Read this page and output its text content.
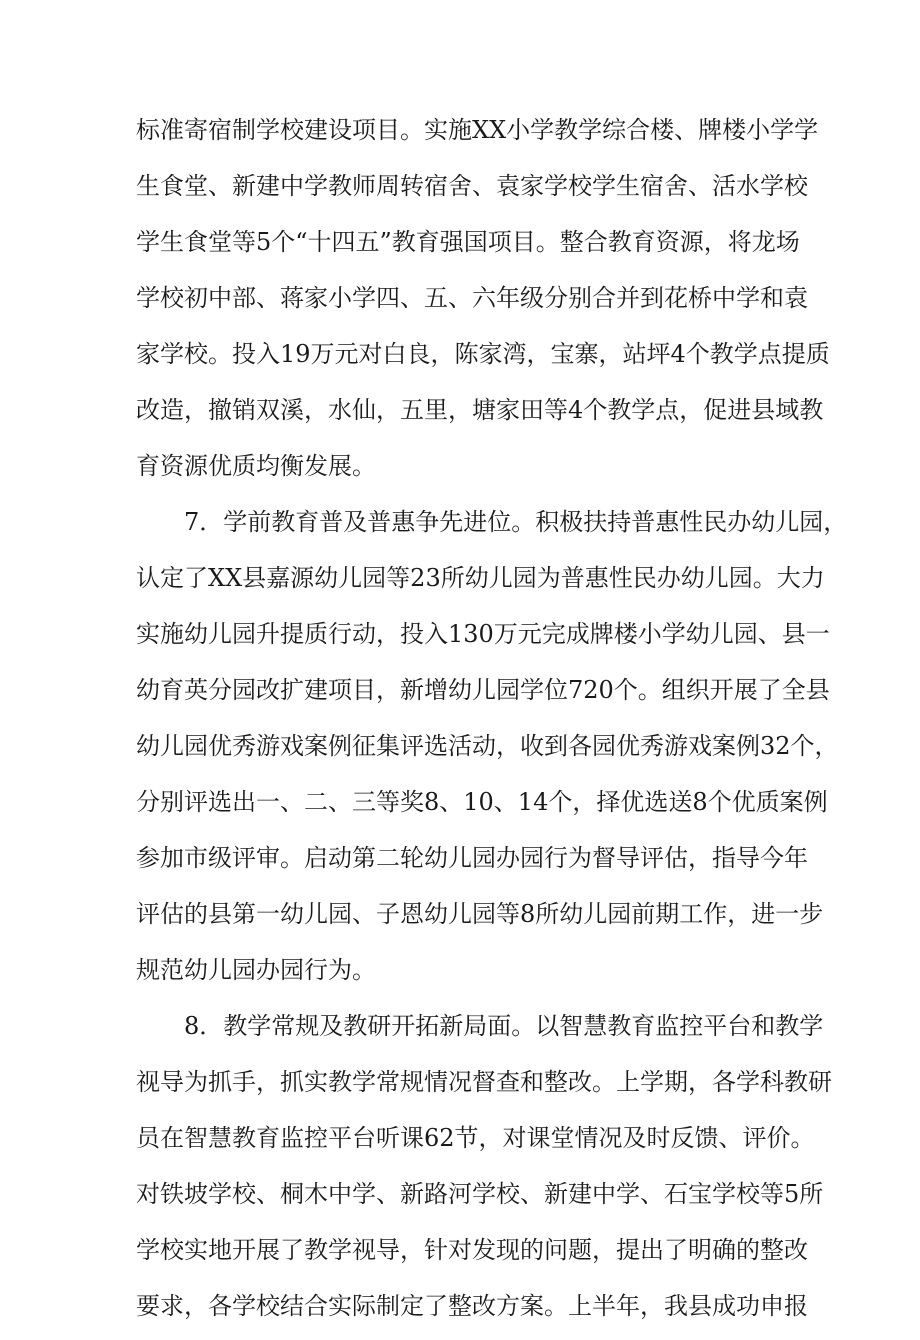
标准寄宿制学校建设项目。实施XX小学教学综合楼、牌楼小学学
生食堂、新建中学教师周转宿舍、袁家学校学生宿舍、活水学校
学生食堂等5个“十四五”教育强国项目。整合教育资源，将龙场
学校初中部、蒋家小学四、五、六年级分别合并到花桥中学和袁
家学校。投入19万元对白良，陈家湾，宝寨，站坪4个教学点提质
改造，撤销双溪，水仙，五里，塘家田等4个教学点，促进县域教
育资源优质均衡发展。
7．学前教育普及普惠争先进位。积极扶持普惠性民办幼儿园，
认定了XX县嘉源幼儿园等23所幼儿园为普惠性民办幼儿园。大力
实施幼儿园升提质行动，投入130万元完成牌楼小学幼儿园、县一
幼育英分园改扩建项目，新增幼儿园学位720个。组织开展了全县
幼儿园优秀游戏案例征集评选活动，收到各园优秀游戏案例32个，
分别评选出一、二、三等奖8、10、14个，择优选送8个优质案例
参加市级评审。启动第二轮幼儿园办园行为督导评估，指导今年
评估的县第一幼儿园、子恩幼儿园等8所幼儿园前期工作，进一步
规范幼儿园办园行为。
8．教学常规及教研开拓新局面。以智慧教育监控平台和教学
视导为抓手，抓实教学常规情况督查和整改。上学期，各学科教研
员在智慧教育监控平台听课62节，对课堂情况及时反馈、评价。
对铁坡学校、桐木中学、新路河学校、新建中学、石宝学校等5所
学校实地开展了教学视导，针对发现的问题，提出了明确的整改
要求，各学校结合实际制定了整改方案。上半年，我县成功申报
